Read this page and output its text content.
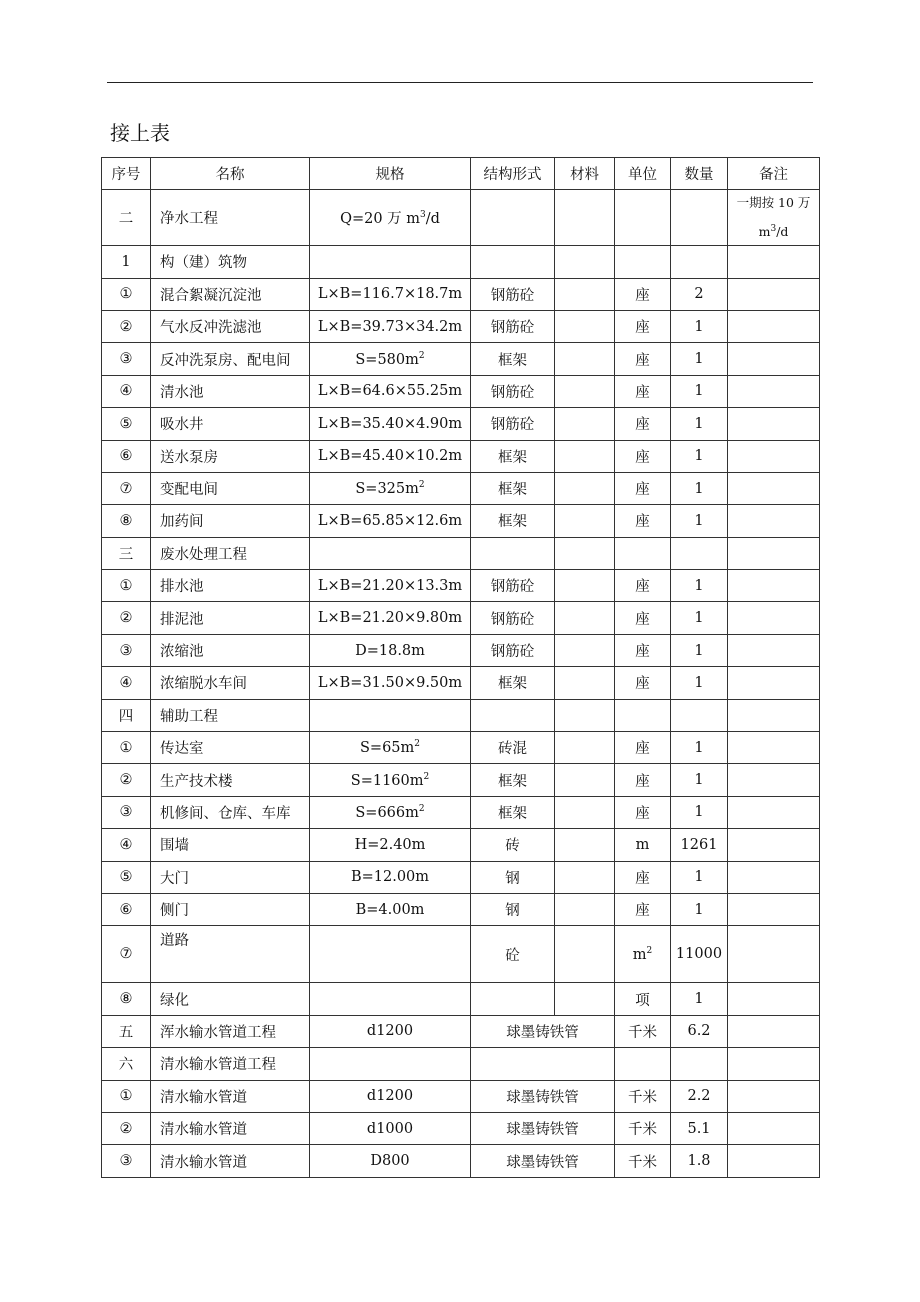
接上表
序号	名称	规格	结构形式	材料	单位	数量	备注
二	净水工程	Q=20 万 $m^3/d$					一期按 10 万 $m^3/d$
1	构（建）筑物						
①	混合絮凝沉淀池	L×B=116.7×18.7m	钢筋砼		座	2	
②	气水反冲洗滤池	L×B=39.73×34.2m	钢筋砼		座	1	
③	反冲洗泵房、配电间	$S=580m^2$	框架		座	1	
④	清水池	L×B=64.6×55.25m	钢筋砼		座	1	
⑤	吸水井	L×B=35.40×4.90m	钢筋砼		座	1	
⑥	送水泵房	L×B=45.40×10.2m	框架		座	1	
⑦	变配电间	$S=325m^2$	框架		座	1	
⑧	加药间	L×B=65.85×12.6m	框架		座	1	
三	废水处理工程						
①	排水池	L×B=21.20×13.3m	钢筋砼		座	1	
②	排泥池	L×B=21.20×9.80m	钢筋砼		座	1	
③	浓缩池	D=18.8m	钢筋砼		座	1	
④	浓缩脱水车间	L×B=31.50×9.50m	框架		座	1	
四	辅助工程						
①	传达室	$S=65m^2$	砖混		座	1	
②	生产技术楼	$S=1160m^2$	框架		座	1	
③	机修间、仓库、车库	$S=666m^2$	框架		座	1	
④	围墙	H=2.40m	砖		m	1261	
⑤	大门	B=12.00m	钢		座	1	
⑥	侧门	B=4.00m	钢		座	1	
⑦	道路		砼		$m^2$	11000	
⑧	绿化				项	1	
五	浑水输水管道工程	d1200	球墨铸铁管		千米	6.2	
六	清水输水管道工程						
①	清水输水管道	d1200	球墨铸铁管		千米	2.2	
②	清水输水管道	d1000	球墨铸铁管		千米	5.1	
③	清水输水管道	D800	球墨铸铁管		千米	1.8	
